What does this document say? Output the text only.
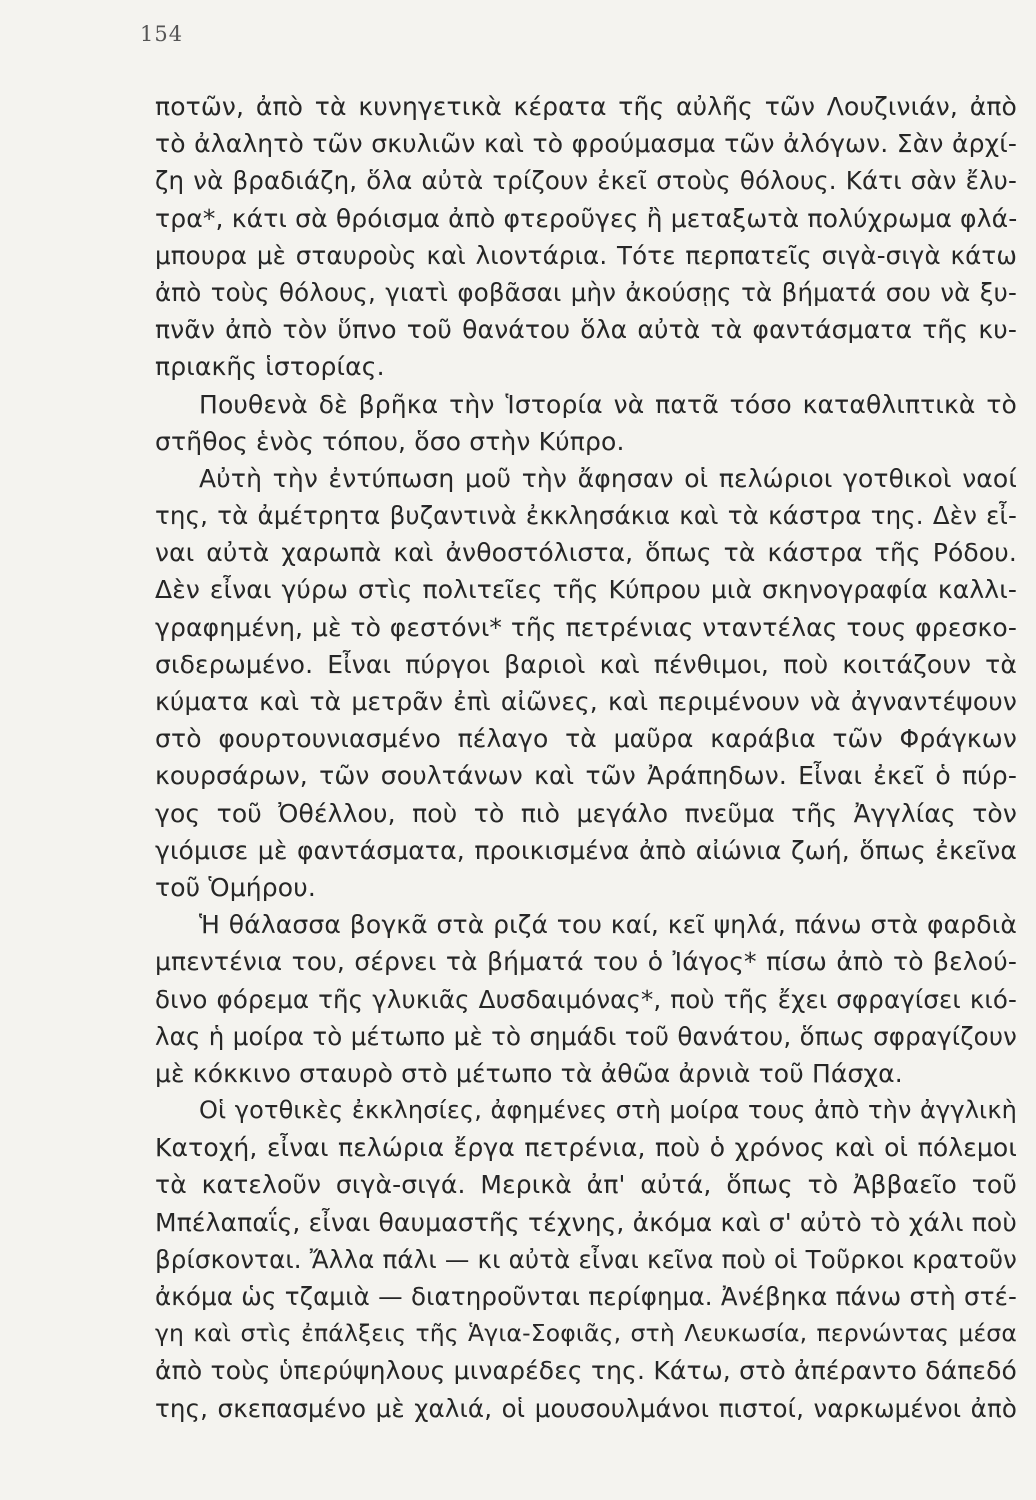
154
ποτῶν, ἀπὸ τὰ κυνηγετικὰ κέρατα τῆς αὐλῆς τῶν Λουζινιάν, ἀπὸ
τὸ ἀλαλητὸ τῶν σκυλιῶν καὶ τὸ φρούμασμα τῶν ἀλόγων. Σὰν ἀρχί-
ζη νὰ βραδιάζη, ὅλα αὐτὰ τρίζουν ἐκεῖ στοὺς θόλους. Κάτι σὰν ἔλυ-
τρα*, κάτι σὰ θρόισμα ἀπὸ φτεροῦγες ἢ μεταξωτὰ πολύχρωμα φλά-
μπουρα μὲ σταυροὺς καὶ λιοντάρια. Τότε περπατεῖς σιγὰ-σιγὰ κάτω
ἀπὸ τοὺς θόλους, γιατὶ φοβᾶσαι μὴν ἀκούσῃς τὰ βήματά σου νὰ ξυ-
πνᾶν ἀπὸ τὸν ὕπνο τοῦ θανάτου ὅλα αὐτὰ τὰ φαντάσματα τῆς κυ-
πριακῆς ἱστορίας.
Πουθενὰ δὲ βρῆκα τὴν Ἱστορία νὰ πατᾶ τόσο καταθλιπτικὰ τὸ
στῆθος ἑνὸς τόπου, ὅσο στὴν Κύπρο.
Αὐτὴ τὴν ἐντύπωση μοῦ τὴν ἄφησαν οἱ πελώριοι γοτθικοὶ ναοί
της, τὰ ἀμέτρητα βυζαντινὰ ἐκκλησάκια καὶ τὰ κάστρα της. Δὲν εἶ-
ναι αὐτὰ χαρωπὰ καὶ ἀνθοστόλιστα, ὅπως τὰ κάστρα τῆς Ρόδου.
Δὲν εἶναι γύρω στὶς πολιτεῖες τῆς Κύπρου μιὰ σκηνογραφία καλλι-
γραφημένη, μὲ τὸ φεστόνι* τῆς πετρένιας νταντέλας τους φρεσκο-
σιδερωμένο. Εἶναι πύργοι βαριοὶ καὶ πένθιμοι, ποὺ κοιτάζουν τὰ
κύματα καὶ τὰ μετρᾶν ἐπὶ αἰῶνες, καὶ περιμένουν νὰ ἀγναντέψουν
στὸ φουρτουνιασμένο πέλαγο τὰ μαῦρα καράβια τῶν Φράγκων
κουρσάρων, τῶν σουλτάνων καὶ τῶν Ἀράπηδων. Εἶναι ἐκεῖ ὁ πύρ-
γος τοῦ Ὀθέλλου, ποὺ τὸ πιὸ μεγάλο πνεῦμα τῆς Ἀγγλίας τὸν
γιόμισε μὲ φαντάσματα, προικισμένα ἀπὸ αἰώνια ζωή, ὅπως ἐκεῖνα
τοῦ Ὁμήρου.
Ἡ θάλασσα βογκᾶ στὰ ριζά του καί, κεῖ ψηλά, πάνω στὰ φαρδιὰ
μπεντένια του, σέρνει τὰ βήματά του ὁ Ἰάγος* πίσω ἀπὸ τὸ βελού-
δινο φόρεμα τῆς γλυκιᾶς Δυσδαιμόνας*, ποὺ τῆς ἔχει σφραγίσει κιό-
λας ἡ μοίρα τὸ μέτωπο μὲ τὸ σημάδι τοῦ θανάτου, ὅπως σφραγίζουν
μὲ κόκκινο σταυρὸ στὸ μέτωπο τὰ ἀθῶα ἀρνιὰ τοῦ Πάσχα.
Οἱ γοτθικὲς ἐκκλησίες, ἀφημένες στὴ μοίρα τους ἀπὸ τὴν ἀγγλικὴ
Κατοχή, εἶναι πελώρια ἔργα πετρένια, ποὺ ὁ χρόνος καὶ οἱ πόλεμοι
τὰ κατελοῦν σιγὰ-σιγά. Μερικὰ ἀπ' αὐτά, ὅπως τὸ Ἀββαεῖο τοῦ
Μπέλαπαΐς, εἶναι θαυμαστῆς τέχνης, ἀκόμα καὶ σ' αὐτὸ τὸ χάλι ποὺ
βρίσκονται. Ἄλλα πάλι — κι αὐτὰ εἶναι κεῖνα ποὺ οἱ Τοῦρκοι κρατοῦν
ἀκόμα ὡς τζαμιὰ — διατηροῦνται περίφημα. Ἀνέβηκα πάνω στὴ στέ-
γη καὶ στὶς ἐπάλξεις τῆς Ἁγια-Σοφιᾶς, στὴ Λευκωσία, περνώντας μέσα
ἀπὸ τοὺς ὑπερύψηλους μιναρέδες της. Κάτω, στὸ ἀπέραντο δάπεδό
της, σκεπασμένο μὲ χαλιά, οἱ μουσουλμάνοι πιστοί, ναρκωμένοι ἀπὸ
